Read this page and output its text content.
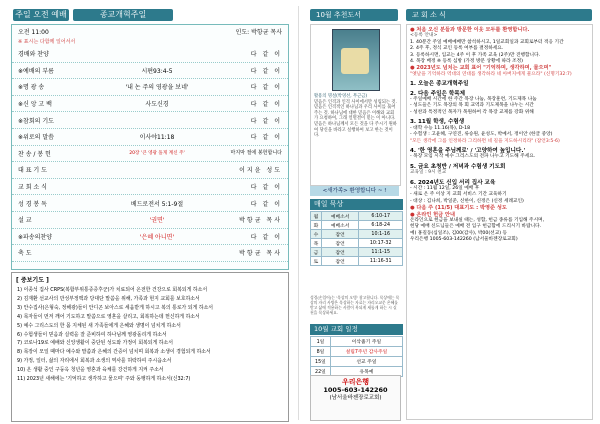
주일 오전 예배	종교개혁주일
오전 11:00	인도: 박항균 목사
※ 표시는 다함께 일어서서
경배와 찬양	다 같 이
※예배의 부름	시편93:4-5	다 같 이
※명 광 송	'내 논 주의 영광을 보네'	다 같 이
※신 앙 고 백	사도신경	다 같 이
※참회의 기도	다 같 이
※위로의 말씀	이사야11:18	다 같 이
찬 송 / 봉 헌	20장 '큰 영광 돌게 계신 주'	마지막 절에 봉헌합니다
대 표 기 도	이지윤 성도
교 회 소 식	다 같 이
성 경 봉 독	베드로전서 5:1-9절	다 같 이
설 교	'권면'	박항균 목사
※파송의찬양	'은혜 아니면'	다 같 이
축 도	박항균 목사
[ 중보기도 ]
1) 이종석 집사 CRPS(복합부위통증증후군)가 치료되어 온전한 건강으로 회복되게 하소서
2) 김재환 선교사의 만성부정맥과 당대단 말씀을 위해, 가족과 현지 교회를 보호하소서
3) 안수집사(은형숙, 정해광)들이 안디곤 보아스로 세움받게 하시고 복의 통로가 되게 하소서
4) 목자들이 먼저 깨어 기도하고 말씀으로 영혼을 살리고, 회복하는데 헌신하게 하소서
5) 예수 그리스도의 한 몸 지체된 새 가족들에게 은혜와 생명이 넘치게 하소서
6) 수험생들이 믿음과 실력을 잘 준비하여 하나님께 영광돌리게 하소서
7) 코로나19로 예배와 신앙생활이 중단된 성도와 가정이 회복되게 하소서
8) 목장이 모일 때마다 예수와 말씀과 은혜의 간증이 넘치며 회복과 소생이 경험되게 하소서
9) 가정, 일터, 삶의 자리에서 회복과 소생의 역사를 허락하여 주시옵소서
10) 온 생활 중인 구둥옥 청년을 영혼과 육체를 강건하게 지켜 주소서
11) 2023년 새해에는 '기억하고 생각하고 물으며' 주와 동행하게 하소서(신32:7)
10월 추천도서	교 회 소 식

활용의 명설(박영선, 무근금)

믿음은 인격과 인격 사이에서만 성립되는 것. 믿음은 인격적인 하나님과 우리 사이를 묶어 주는 것. 하나님에 대한 믿음은 이해와 교회가 요청하여, 그래 얼떨결이 믿는 이 아니다. 믿음은 하나님께서 모든 것을 다 주시기 원하여 당신을 바라고 실행하여 보고 한는 것이다.

<새가족> 환영합니다 ~ !
매일 묵상
월	예베소서	6:10-17
화	예베소서	6:18-24
수	잠언	10:1-16
목	잠언	10:17-32
금	잠언	11:1-15
토	잠언	11:16-31
성경(손입어)는 '목상의 오병' 참고합니다. 목상에는 목상의 자리 사방은 목상하는 자료는 자리오교문 은혜를 받고 삶에 적용하는 사람이 복되게 새롭게 하는 시 실천을 목상하세요.
10월 교회 일정
1일	이삭줍기 주일
8일	설립7주년 감사주일
15일	선교 주일
22일	유목예
우리은행
1005-603-142260
(남서울바젠장로교회)
● 처음 오신 분들과 방문한 이웃 모두를 환영합니다.
<등록 안내>
1. 40분간 주일 예배예배만 참석하시고, 1일교회일과 교회로부터 적응 기간
2. 4주 후, 정식 교인 등록 여부를 결정하세요.
3. 등록하시면, 입교는 4주 이 후 가족 교육 (2주)만 진행합니다.
4. 목장 배정 ※ 등록 심방 (가정 방문 상황에 따라 조정)
● 2023년도 넘치는 교회 표어 "기억하며, 생각하며, 물으며"
"옛날을 기억하라 역대의 연대를 생각하라 네 아버지에게 물으라" (신명기32:7)
1. 오늘은 종교개혁주일
2. 다음 주일은 학목제
- 주일예배 시간에 한 주간 목장 나눔, 목장훈련, 기도제목 나눔
- 성도들은 기도 목장의 목 회 교역과 기도제목을 나누는 시간
- 성찬과 특정적인 목자가 목원하여 각 목장 교제를 강화 위해
3. 11월 학생, 수험생
- 대학 수능 11.16(목), D-18
- 수험생 : 고윤혜, 구연진, 류승원, 윤성도, 박예서, 정이안 (한글 중앙)
"모든 생각에 그를 인정하라 그리하면 네 길을 지도하시리라" (잠언3:5-6)
4. '한 영혼을 주님께로' / '고양하여 높입니다.'
- 목장 모임 시작 예수 그리스도의 전파 나누고 기도해 주세요.
5. 금요 초청반 / 저녁과 수험생 기도회
교육일 : 9시 천교
6. 2024년도 신입 서리 집사 교육
- 시간 : 11월 12일, 26일 예배 후
- 새로 온 주 이상 지 교회 서비스 기간 교육하기
- 대상 : 김나희, 박일준, 신한이, 신정은 (신정 세례교인)
● 다음 주 (11/5) 대표기도 : 박영준 성도
● 온라인 헌금 안내
온라인으로 헌금을 보내실 때는, 성함, 헌금 종류를 기입해 주시며,
헌당 예배 신도님들은 예배 전 입구 헌금함에 드리시기 바랍니다.
예) 홍길동(십일조), 김00(감사), 박00(선교) 등
우리은행 1005-603-142260 (남서울바젠장로교회)
